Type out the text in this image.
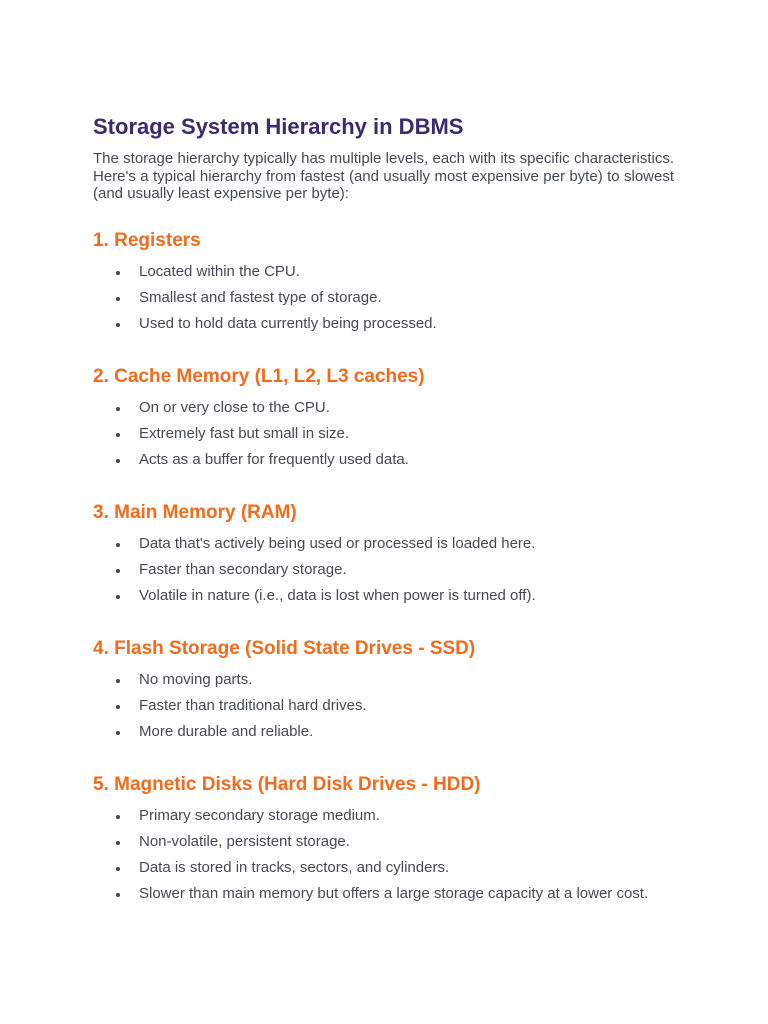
Storage System Hierarchy in DBMS

The storage hierarchy typically has multiple levels, each with its specific characteristics. Here's a typical hierarchy from fastest (and usually most expensive per byte) to slowest (and usually least expensive per byte):

1. Registers
Located within the CPU.
Smallest and fastest type of storage.
Used to hold data currently being processed.
2. Cache Memory (L1, L2, L3 caches)
On or very close to the CPU.
Extremely fast but small in size.
Acts as a buffer for frequently used data.
3. Main Memory (RAM)
Data that's actively being used or processed is loaded here.
Faster than secondary storage.
Volatile in nature (i.e., data is lost when power is turned off).
4. Flash Storage (Solid State Drives - SSD)
No moving parts.
Faster than traditional hard drives.
More durable and reliable.
5. Magnetic Disks (Hard Disk Drives - HDD)
Primary secondary storage medium.
Non-volatile, persistent storage.
Data is stored in tracks, sectors, and cylinders.
Slower than main memory but offers a large storage capacity at a lower cost.
